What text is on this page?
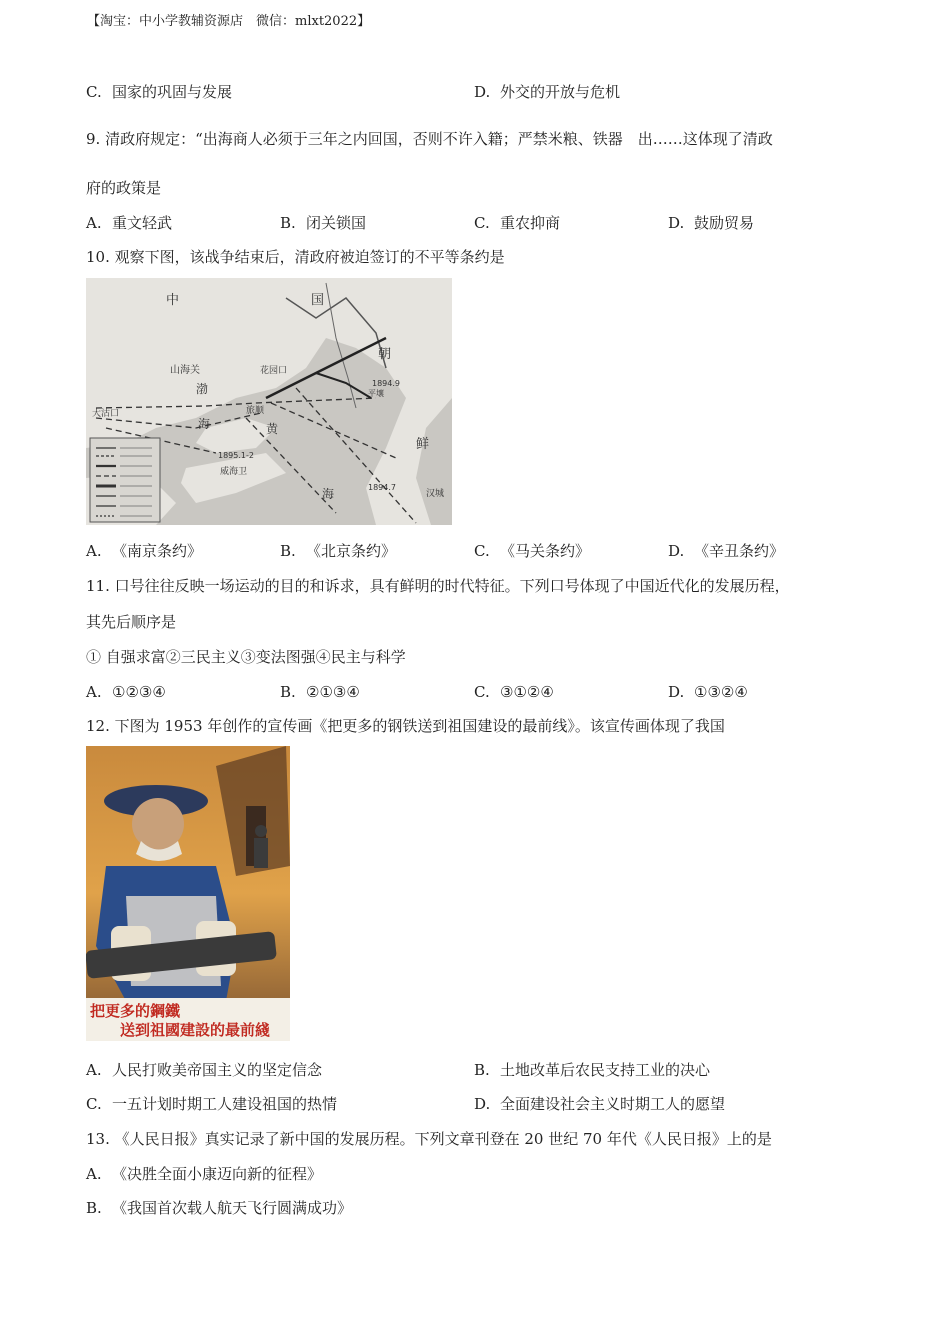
【淘宝：中小学教辅资源店　微信：mlxt2022】
C. 国家的巩固与发展	D. 外交的开放与危机
9. 清政府规定：“出海商人必须于三年之内回国，否则不许入籍；严禁米粮、铁器　出……这体现了清政
府的政策是
A. 重文轻武	B. 闭关锁国	C. 重农抑商	D. 鼓励贸易
10. 观察下图，该战争结束后，清政府被迫签订的不平等条约是
中	国
朝
鲜
山海关
渤
海	黄
海
大沽口
威海卫
花园口
旅顺
平壤
汉城
1894.9
1895.1-2
1894.7
A. 《南京条约》	B. 《北京条约》	C. 《马关条约》	D. 《辛丑条约》
11. 口号往往反映一场运动的目的和诉求，具有鲜明的时代特征。下列口号体现了中国近代化的发展历程，
其先后顺序是
① 自强求富②三民主义③变法图强④民主与科学
A. ①②③④	B. ②①③④	C. ③①②④	D. ①③②④
12. 下图为 1953 年创作的宣传画《把更多的钢铁送到祖国建设的最前线》。该宣传画体现了我国
把更多的鋼鐵
送到祖國建設的最前綫
A. 人民打败美帝国主义的坚定信念	B. 土地改革后农民支持工业的决心
C. 一五计划时期工人建设祖国的热情	D. 全面建设社会主义时期工人的愿望
13. 《人民日报》真实记录了新中国的发展历程。下列文章刊登在 20 世纪 70 年代《人民日报》上的是
A. 《决胜全面小康迈向新的征程》
B. 《我国首次载人航天飞行圆满成功》
